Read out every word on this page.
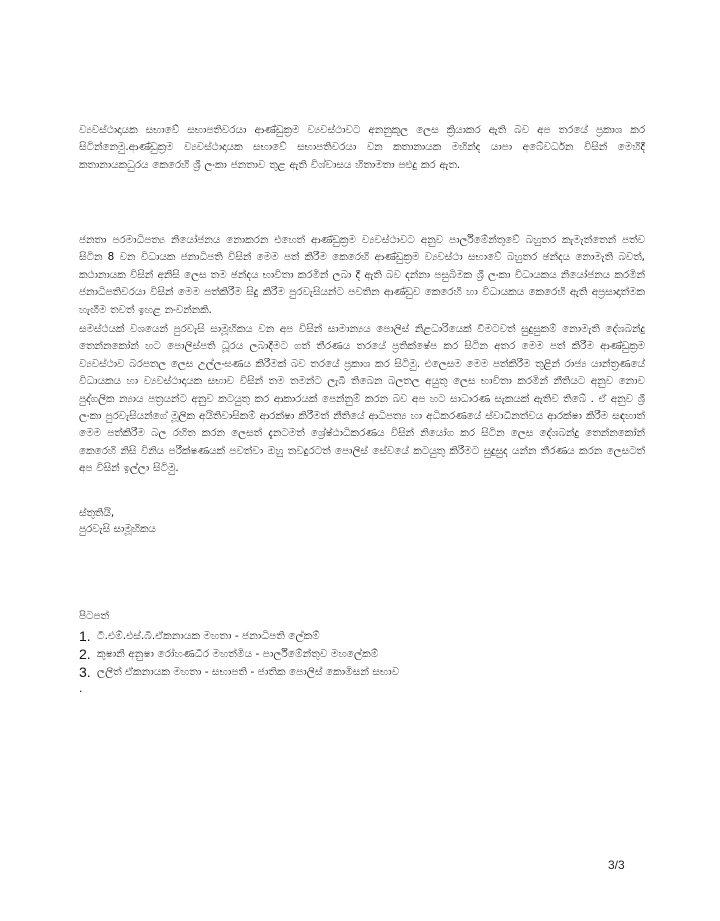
ව්‍යවස්ථාදායක සභාවේ සභාපතිවරයා ආණ්ඩුක්‍රම ව්‍යවස්ථාවට අනනුකූල ලෙස ක්‍රියාකර ඇති බව අප තරයේ ප්‍රකාශ කර සිටින්නෙමු.ආණ්ඩුක්‍රම ව්‍යවස්ථාදායක සභාවේ සභාපතිවරයා වන කතානායක මහින්ද යාපා අබේවර්ධන විසින් මෙහිදී කතානායකධුරය කෙරෙහි ශ්‍රී ලංකා ජනතාව තුළ ඇති විශ්වාසය හිතාමතා පළුදු කර ඇත.
ජනතා පරමාධිපත්‍ය නියෝජනය නොකරන එහෙත් ආණ්ඩුක්‍රම ව්‍යවස්ථාවට අනුව පාර්ලිමේන්තුවේ බහුතර කැමැත්තෙන් පත්ව සිටින 8 වන විධායක ජනාධිපති විසින් මෙම පත් කිරීම කෙරෙහි ආණ්ඩුක්‍රම ව්‍යවස්ථා සභාවේ බහුතර ඡන්දය නොමැති බවත්, කථානායක විසින් අනිසි ලෙස තම ඡන්දය භාවිතා කරමින් ලබා දී ඇති බව දන්නා පසුබිමක ශ්‍රී ලංකා විධායකය නියෝජනය කරමින් ජනාධිපතිවරයා විසින් මෙම පත්කිරීම සිදු කිරීම පුරවැසියන්ට පවතින ආණ්ඩුව කෙරෙහි හා විධායකය කෙරෙහි ඇති අප්‍රසාදාත්මක හැඟීම තවත් ඉහළ නංවන්නකි.
සමස්ථයක් වශයෙන් පුරවැසි සාමූහිකය වන අප විසින් සාමාන්‍යය පොලිස් නිළධාරියෙක් වීමටවත් සුදුසුකම් නොමැති දේශබන්දු තෙන්නකෝන් හට පොලිස්පති ධූරය ලබාදීමට ගත් තීරණය තරයේ ප්‍රතික්ෂේප කර සිටින අතර මෙම පත් කිරීම ආණ්ඩුක්‍රම ව්‍යවස්ථාව බරපතල ලෙස උල්ලංඝණය කිරීමක් බව තරයේ ප්‍රකාශ කර සිටිමු. එලෙසම මෙම පත්කිරීම තුළින් රාජ්‍ය යාන්ත්‍රණයේ විධායකය හා ව්‍යවස්ථාදායක සභාව විසින් තම තමන්ට ලැබී තිබෙන බලතල අයුතු ලෙස භාවිතා කරමින් නීතියට අනුව නොව පුද්ගලික න්‍යාය පත්‍රයන්ට අනුව කටයුතු කර ආකාරයක් පෙන්නුම් කරන බව අප හට සාධාරණ සැකයක් ඇතිව තිබේ . ඒ අනුව ශ්‍රී ලංකා පුරවැසියන්ගේ මූලික අයිතිවාසිකම් ආරක්ෂා කිරීමත් නීතියේ ආධිපත්‍ය හා අධිකරණයේ ස්වාධීනත්වය ආරක්ෂා කිරීම සඳහාත් මෙම පත්කිරීම බල රහිත කරන ලෙසත් දැනටමත් ශ්‍රේෂ්ඨාධිකරණය විසින් නියෝග කර සිටින ලෙස දේශබන්දු තෙන්නකෝන් කෙරෙහි නිසි විනිය පරීක්ෂණයක් පවත්වා ඔහු තවදුරටත් පොලිස් සේවයේ කටයුතු කිරීමට සුදුසුද යන්න තීරණය කරන ලෙසටත් අප විසින් ඉල්ලා සිටිමු.
ස්තුතියි,
පුරවැසි සාමූහිකය
පිටපත්
1. ටී.එම්.එස්.බී.ඒකනායක මහතා - ජනාධිපති ලේකම්
2. කුෂානි අනුෂා රෝහණධීර මහත්මිය - පාර්ලිමේන්තුව මහලේකම්
3. ලලිත් ඒකනායක මහතා - සභාපති - ජාතික පොලිස් කොමිසන් සභාව
.
3/3
